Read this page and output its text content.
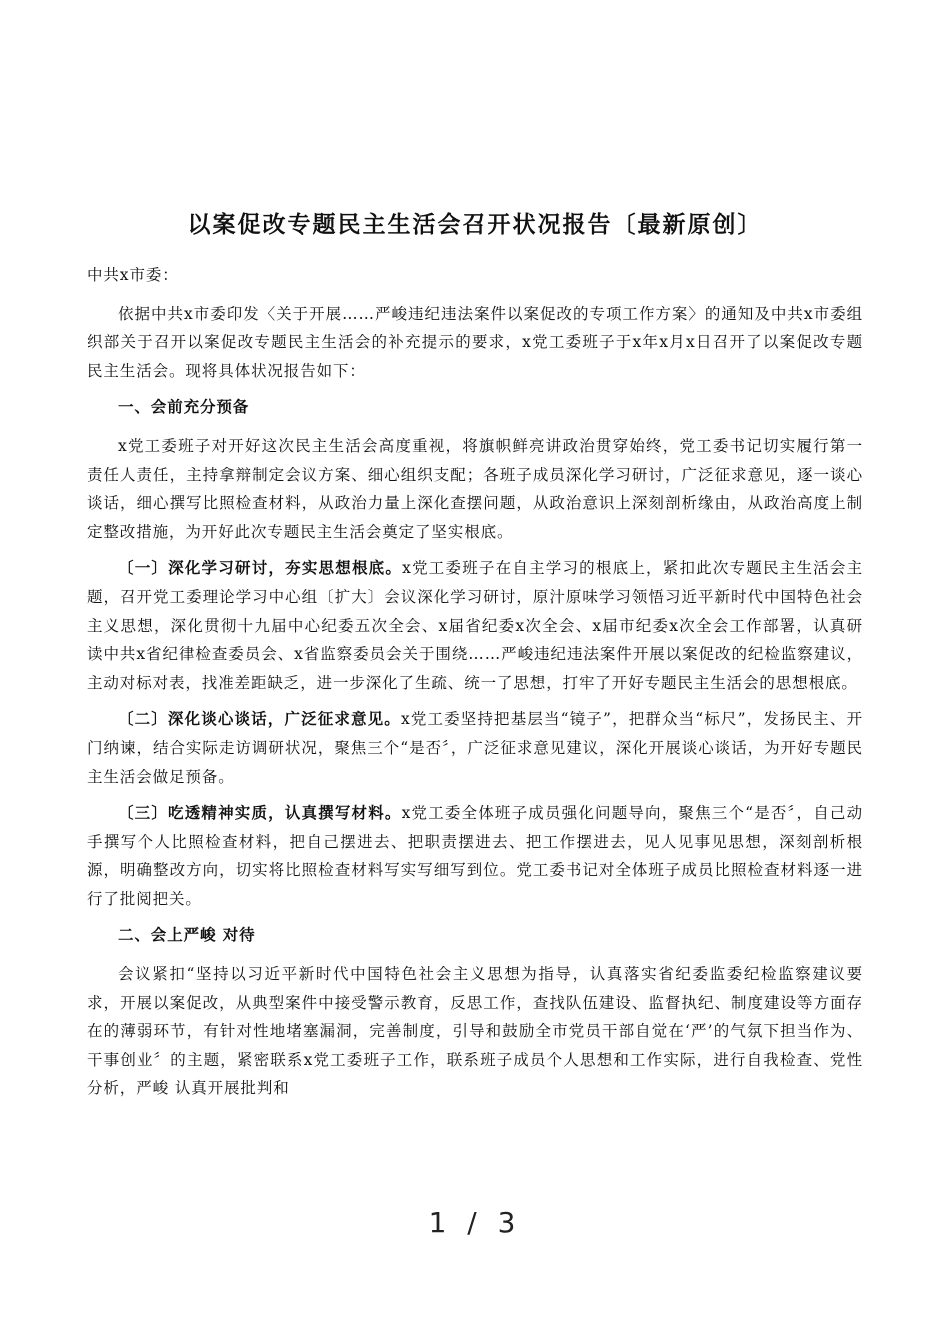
以案促改专题民主生活会召开状况报告〔最新原创〕

中共x市委：

依据中共x市委印发〈关于开展……严峻违纪违法案件以案促改的专项工作方案〉的通知及中共x市委组织部关于召开以案促改专题民主生活会的补充提示的要求，x党工委班子于x年x月x日召开了以案促改专题民主生活会。现将具体状况报告如下：

一、会前充分预备

x党工委班子对开好这次民主生活会高度重视，将旗帜鲜亮讲政治贯穿始终，党工委书记切实履行第一责任人责任，主持拿辩制定会议方案、细心组织支配；各班子成员深化学习研讨，广泛征求意见，逐一谈心谈话，细心撰写比照检查材料，从政治力量上深化查摆问题，从政治意识上深刻剖析缘由，从政治高度上制定整改措施，为开好此次专题民主生活会奠定了坚实根底。

〔一〕深化学习研讨，夯实思想根底。x党工委班子在自主学习的根底上，紧扣此次专题民主生活会主题，召开党工委理论学习中心组〔扩大〕会议深化学习研讨，原汁原味学习领悟习近平新时代中国特色社会主义思想，深化贯彻十九届中心纪委五次全会、x届省纪委x次全会、x届市纪委x次全会工作部署，认真研读中共x省纪律检查委员会、x省监察委员会关于围绕……严峻违纪违法案件开展以案促改的纪检监察建议，主动对标对表，找准差距缺乏，进一步深化了生疏、统一了思想，打牢了开好专题民主生活会的思想根底。

〔二〕深化谈心谈话，广泛征求意见。x党工委坚持把基层当“镜子”，把群众当“标尺”，发扬民主、开门纳谏，结合实际走访调研状况，聚焦三个“是否〞，广泛征求意见建议，深化开展谈心谈话，为开好专题民主生活会做足预备。

〔三〕吃透精神实质，认真撰写材料。x党工委全体班子成员强化问题导向，聚焦三个“是否〞，自己动手撰写个人比照检查材料，把自己摆进去、把职责摆进去、把工作摆进去，见人见事见思想，深刻剖析根源，明确整改方向，切实将比照检查材料写实写细写到位。党工委书记对全体班子成员比照检查材料逐一进行了批阅把关。

二、会上严峻 对待

会议紧扣“坚持以习近平新时代中国特色社会主义思想为指导，认真落实省纪委监委纪检监察建议要求，开展以案促改，从典型案件中接受警示教育，反思工作，查找队伍建设、监督执纪、制度建设等方面存在的薄弱环节，有针对性地堵塞漏洞，完善制度，引导和鼓励全市党员干部自觉在‘严’的气氛下担当作为、干事创业〞的主题，紧密联系x党工委班子工作，联系班子成员个人思想和工作实际，进行自我检查、党性分析，严峻 认真开展批判和

1 / 3
